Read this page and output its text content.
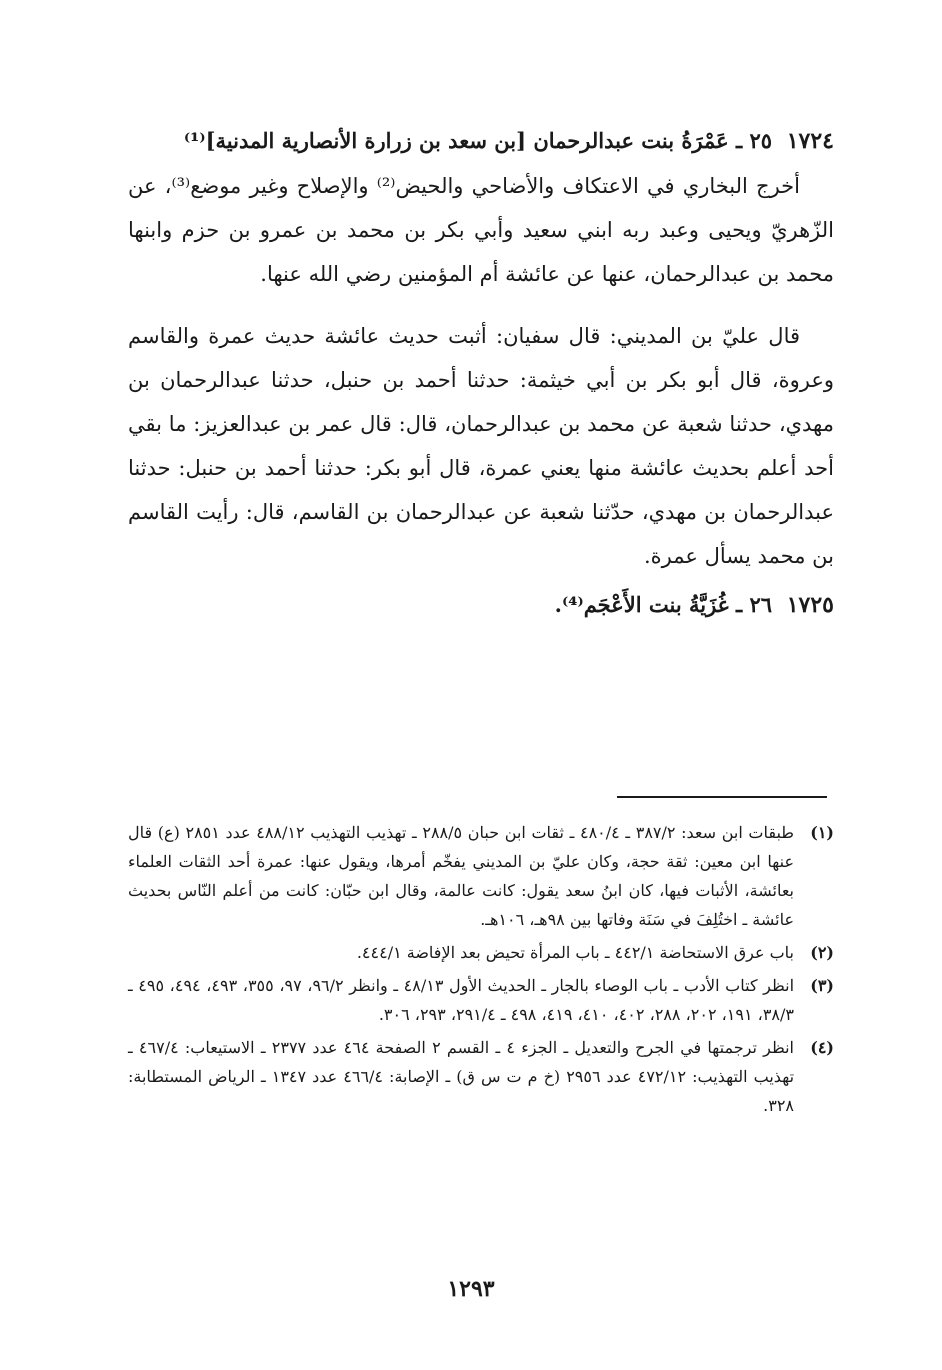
١٧٢٤
٢٥ ـ عَمْرَةُ بنت عبدالرحمان [بن سعد بن زرارة الأنصارية المدنية]⁽¹⁾

أخرج البخاري في الاعتكاف والأضاحي والحيض⁽²⁾ والإصلاح وغير موضع⁽³⁾، عن الزّهريّ ويحيى وعبد ربه ابني سعيد وأبي بكر بن محمد بن عمرو بن حزم وابنها محمد بن عبدالرحمان، عنها عن عائشة أم المؤمنين رضي الله عنها.

قال عليّ بن المديني: قال سفيان: أثبت حديث عائشة حديث عمرة والقاسم وعروة، قال أبو بكر بن أبي خيثمة: حدثنا أحمد بن حنبل، حدثنا عبدالرحمان بن مهدي، حدثنا شعبة عن محمد بن عبدالرحمان، قال: قال عمر بن عبدالعزيز: ما بقي أحد أعلم بحديث عائشة منها يعني عمرة، قال أبو بكر: حدثنا أحمد بن حنبل: حدثنا عبدالرحمان بن مهدي، حدّثنا شعبة عن عبدالرحمان بن القاسم، قال: رأيت القاسم بن محمد يسأل عمرة.

١٧٢٥
٢٦ ـ غُزَيَّةُ بنت الأَعْجَم⁽⁴⁾.
(١)
طبقات ابن سعد: ٣٨٧/٢ ـ ٤٨٠/٤ ـ ثقات ابن حبان ٢٨٨/٥ ـ تهذيب التهذيب ٤٨٨/١٢ عدد ٢٨٥١ (ع) قال عنها ابن معين: ثقة حجة، وكان عليّ بن المديني يفخّم أمرها، ويقول عنها: عمرة أحد الثقات العلماء بعائشة، الأثبات فيها، كان ابنُ سعد يقول: كانت عالمة، وقال ابن حبّان: كانت من أعلم النّاس بحديث عائشة ـ اختُلِفَ في سَنَة وفاتها بين ٩٨هـ، ١٠٦هـ.
(٢)
باب عرق الاستحاضة ٤٤٢/١ ـ باب المرأة تحيض بعد الإفاضة ٤٤٤/١.
(٣)
انظر كتاب الأدب ـ باب الوصاء بالجار ـ الحديث الأول ٤٨/١٣ ـ وانظر ٩٦/٢، ٩٧، ٣٥٥، ٤٩٣، ٤٩٤، ٤٩٥ ـ ٣٨/٣، ١٩١، ٢٠٢، ٢٨٨، ٤٠٢، ٤١٠، ٤١٩، ٤٩٨ ـ ٢٩١/٤، ٢٩٣، ٣٠٦.
(٤)
انظر ترجمتها في الجرح والتعديل ـ الجزء ٤ ـ القسم ٢ الصفحة ٤٦٤ عدد ٢٣٧٧ ـ الاستيعاب: ٤٦٧/٤ ـ تهذيب التهذيب: ٤٧٢/١٢ عدد ٢٩٥٦ (خ م ت س ق) ـ الإصابة: ٤٦٦/٤ عدد ١٣٤٧ ـ الرياض المستطابة: ٣٢٨.
١٢٩٣
